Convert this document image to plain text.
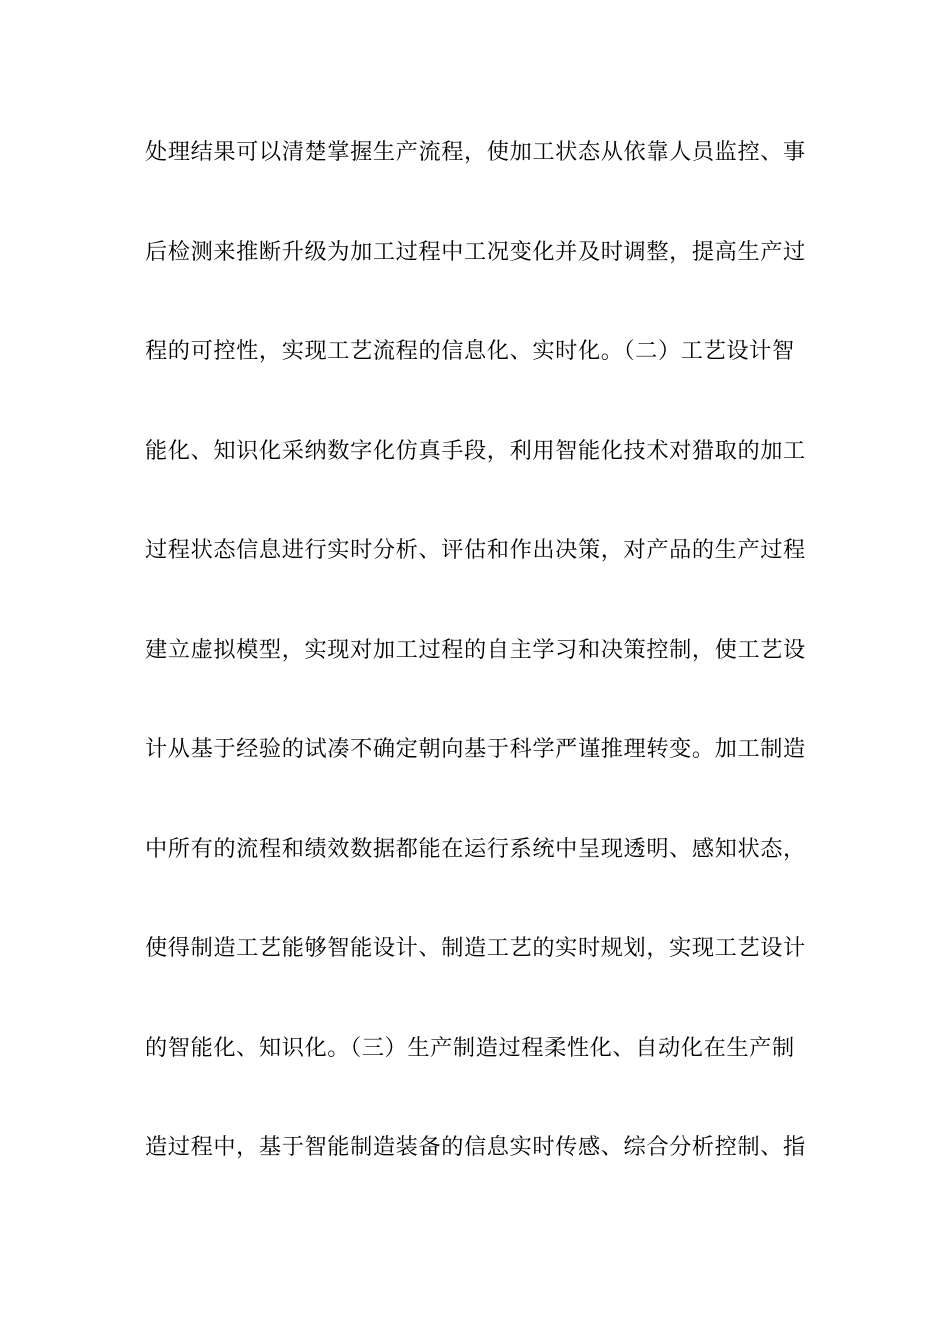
处理结果可以清楚掌握生产流程，使加工状态从依靠人员监控、事
后检测来推断升级为加工过程中工况变化并及时调整，提高生产过
程的可控性，实现工艺流程的信息化、实时化。（二）工艺设计智
能化、知识化采纳数字化仿真手段，利用智能化技术对猎取的加工
过程状态信息进行实时分析、评估和作出决策，对产品的生产过程
建立虚拟模型，实现对加工过程的自主学习和决策控制，使工艺设
计从基于经验的试凑不确定朝向基于科学严谨推理转变。加工制造
中所有的流程和绩效数据都能在运行系统中呈现透明、感知状态，
使得制造工艺能够智能设计、制造工艺的实时规划，实现工艺设计
的智能化、知识化。（三）生产制造过程柔性化、自动化在生产制
造过程中，基于智能制造装备的信息实时传感、综合分析控制、指
